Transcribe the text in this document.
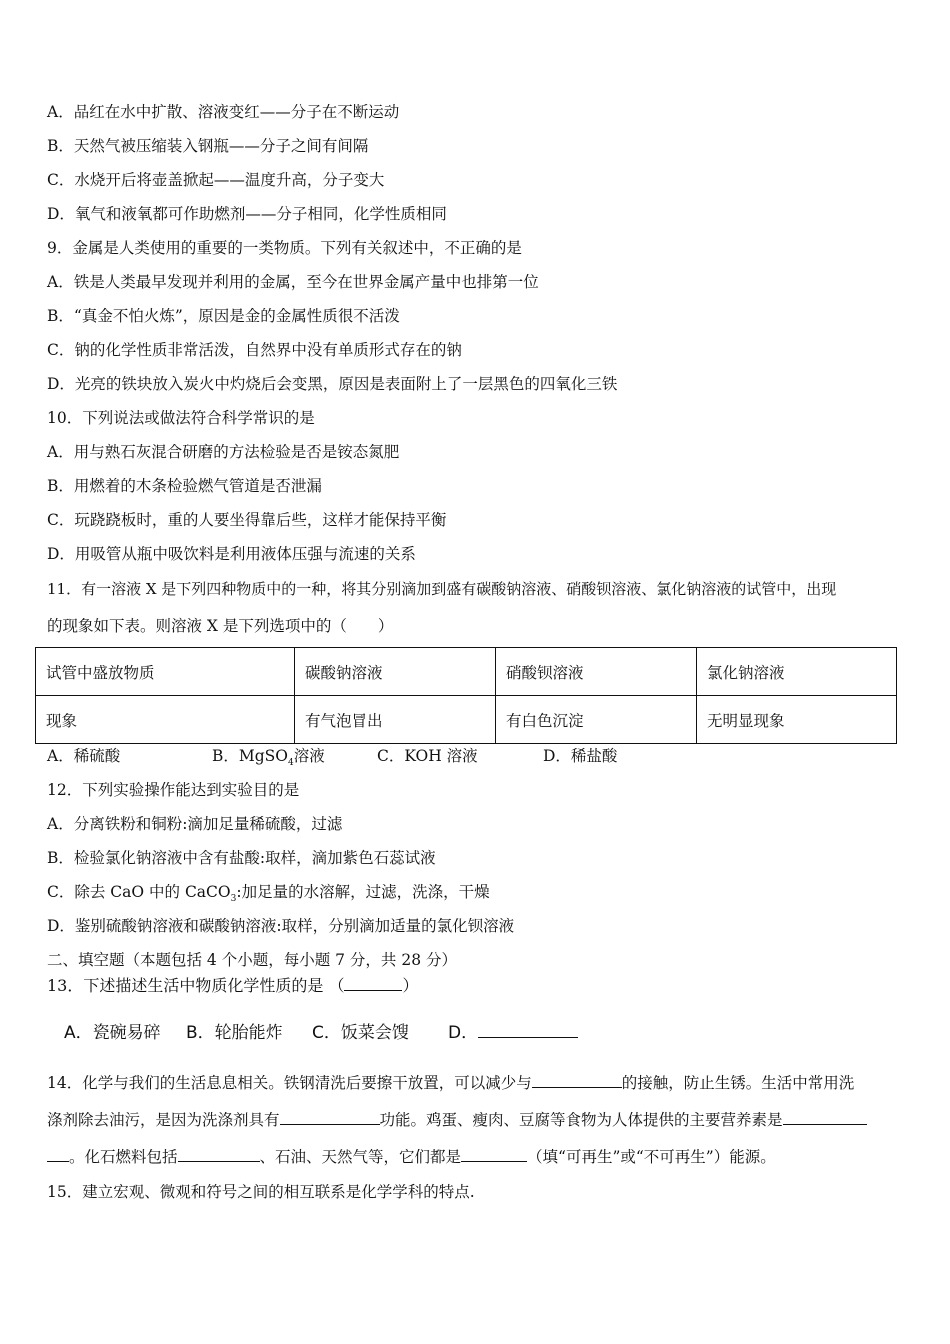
A．品红在水中扩散、溶液变红——分子在不断运动
B．天然气被压缩装入钢瓶——分子之间有间隔
C．水烧开后将壶盖掀起——温度升高，分子变大
D．氧气和液氧都可作助燃剂——分子相同，化学性质相同
9．金属是人类使用的重要的一类物质。下列有关叙述中，不正确的是
A．铁是人类最早发现并利用的金属，至今在世界金属产量中也排第一位
B．“真金不怕火炼”，原因是金的金属性质很不活泼
C．钠的化学性质非常活泼，自然界中没有单质形式存在的钠
D．光亮的铁块放入炭火中灼烧后会变黑，原因是表面附上了一层黑色的四氧化三铁
10．下列说法或做法符合科学常识的是
A．用与熟石灰混合研磨的方法检验是否是铵态氮肥
B．用燃着的木条检验燃气管道是否泄漏
C．玩跷跷板时，重的人要坐得靠后些，这样才能保持平衡
D．用吸管从瓶中吸饮料是利用液体压强与流速的关系
11．有一溶液 X 是下列四种物质中的一种，将其分别滴加到盛有碳酸钠溶液、硝酸钡溶液、氯化钠溶液的试管中，出现
的现象如下表。则溶液 X 是下列选项中的（　　）
试管中盛放物质	碳酸钠溶液	硝酸钡溶液	氯化钠溶液
现象	有气泡冒出	有白色沉淀	无明显现象
A．稀硫酸	B．MgSO$_4$溶液	C．KOH 溶液	D．稀盐酸
12．下列实验操作能达到实验目的是
A．分离铁粉和铜粉:滴加足量稀硫酸，过滤
B．检验氯化钠溶液中含有盐酸:取样，滴加紫色石蕊试液
C．除去 CaO 中的 CaCO$_3$:加足量的水溶解，过滤，洗涤，干燥
D．鉴别硫酸钠溶液和碳酸钠溶液:取样，分别滴加适量的氯化钡溶液
二、填空题（本题包括 4 个小题，每小题 7 分，共 28 分）
13．下述描述生活中物质化学性质的是 （	）
A．瓷碗易碎 B．轮胎能炸 C．饭菜会馊 D．
14．化学与我们的生活息息相关。铁钢清洗后要擦干放置，可以减少与	的接触，防止生锈。生活中常用洗
涤剂除去油污，是因为洗涤剂具有	功能。鸡蛋、瘦肉、豆腐等食物为人体提供的主要营养素是
。化石燃料包括	、石油、天然气等，它们都是	（填“可再生”或“不可再生”）能源。
15．建立宏观、微观和符号之间的相互联系是化学学科的特点.
